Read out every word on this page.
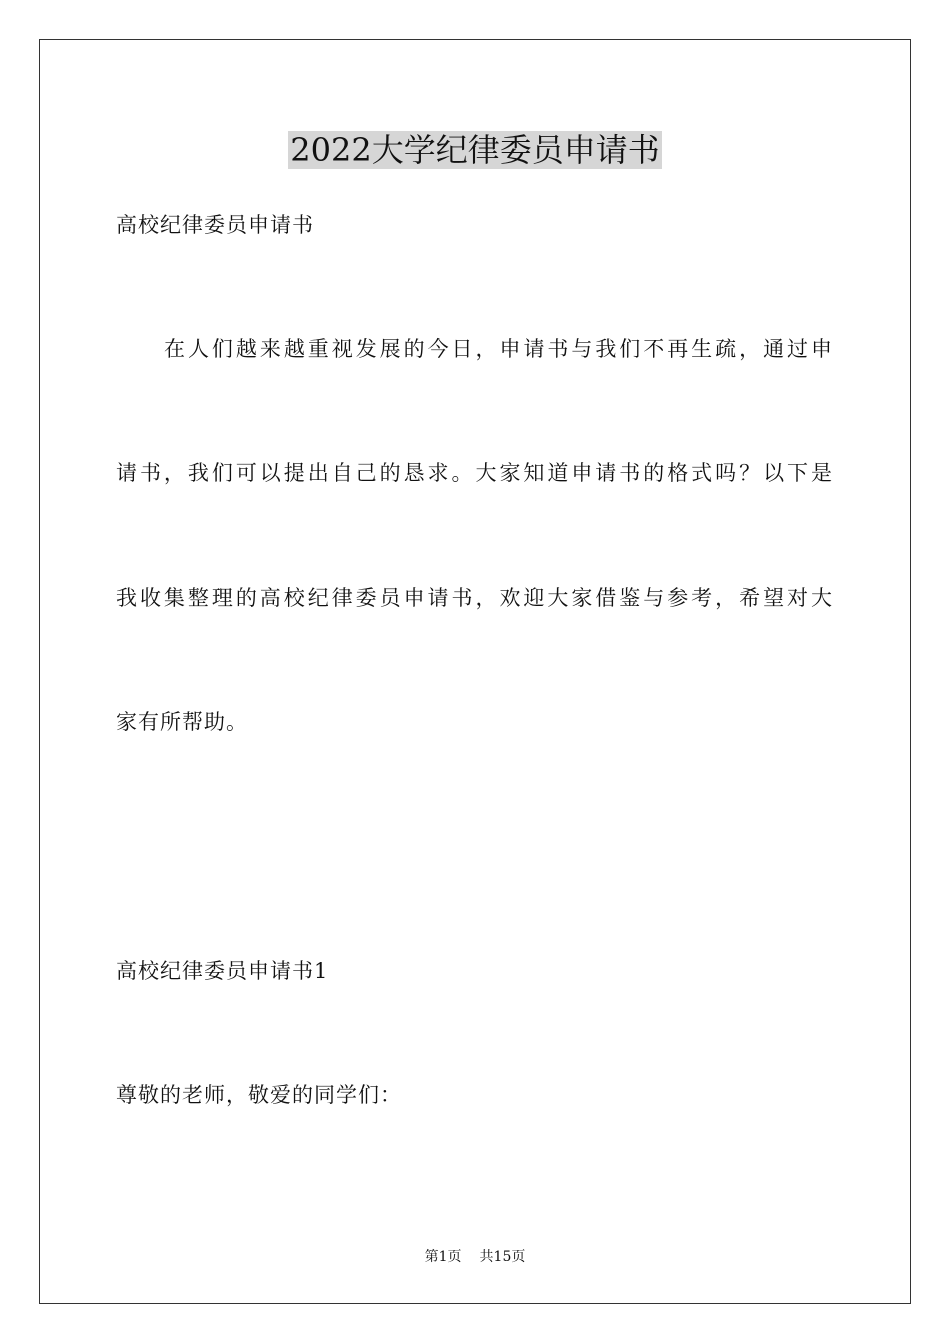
2022大学纪律委员申请书
高校纪律委员申请书
在人们越来越重视发展的今日，申请书与我们不再生疏，通过申
请书，我们可以提出自己的恳求。大家知道申请书的格式吗？以下是
我收集整理的高校纪律委员申请书，欢迎大家借鉴与参考，希望对大
家有所帮助。
高校纪律委员申请书1
尊敬的老师，敬爱的同学们：
第1页 共15页
